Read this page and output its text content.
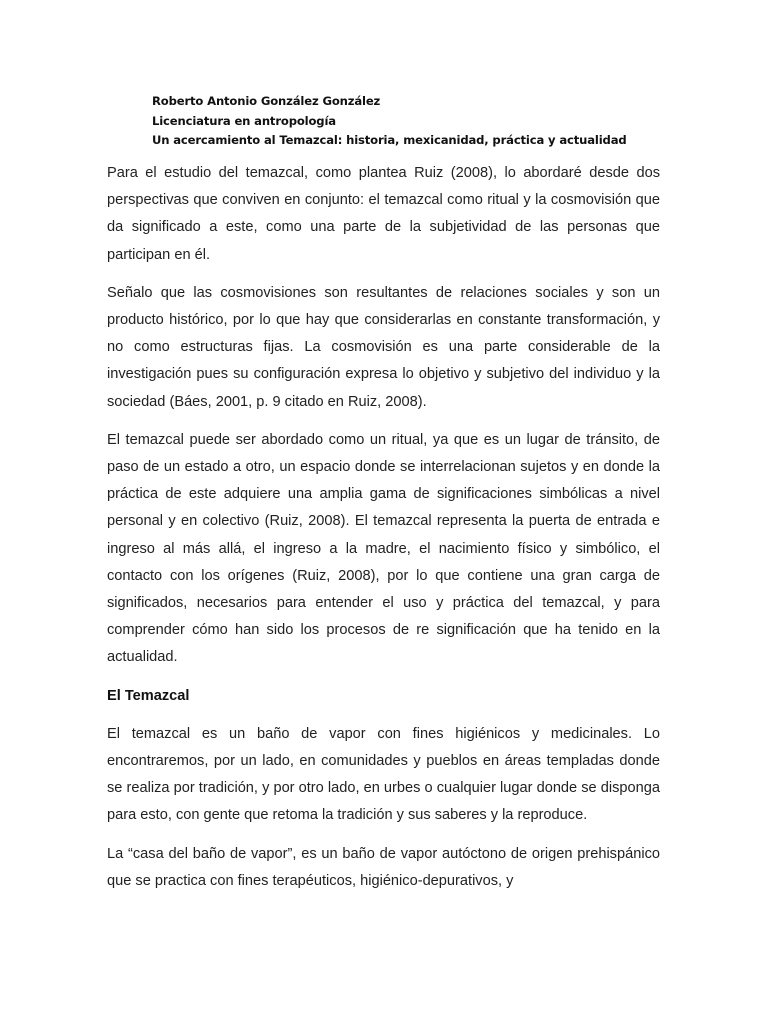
Roberto Antonio González González
Licenciatura en antropología
Un acercamiento al Temazcal: historia, mexicanidad, práctica y actualidad

Para el estudio del temazcal, como plantea Ruiz (2008), lo abordaré desde dos perspectivas que conviven en conjunto: el temazcal como ritual y la cosmovisión que da significado a este, como una parte de la subjetividad de las personas que participan en él.

Señalo que las cosmovisiones son resultantes de relaciones sociales y son un producto histórico, por lo que hay que considerarlas en constante transformación, y no como estructuras fijas. La cosmovisión es una parte considerable de la investigación pues su configuración expresa lo objetivo y subjetivo del individuo y la sociedad (Báes, 2001, p. 9 citado en Ruiz, 2008).

El temazcal puede ser abordado como un ritual, ya que es un lugar de tránsito, de paso de un estado a otro, un espacio donde se interrelacionan sujetos y en donde la práctica de este adquiere una amplia gama de significaciones simbólicas a nivel personal y en colectivo (Ruiz, 2008). El temazcal representa la puerta de entrada e ingreso al más allá, el ingreso a la madre, el nacimiento físico y simbólico, el contacto con los orígenes (Ruiz, 2008), por lo que contiene una gran carga de significados, necesarios para entender el uso y práctica del temazcal, y para comprender cómo han sido los procesos de re significación que ha tenido en la actualidad.

El Temazcal

El temazcal es un baño de vapor con fines higiénicos y medicinales. Lo encontraremos, por un lado, en comunidades y pueblos en áreas templadas donde se realiza por tradición, y por otro lado, en urbes o cualquier lugar donde se disponga para esto, con gente que retoma la tradición y sus saberes y la reproduce.

La “casa del baño de vapor”, es un baño de vapor autóctono de origen prehispánico que se practica con fines terapéuticos, higiénico-depurativos, y
